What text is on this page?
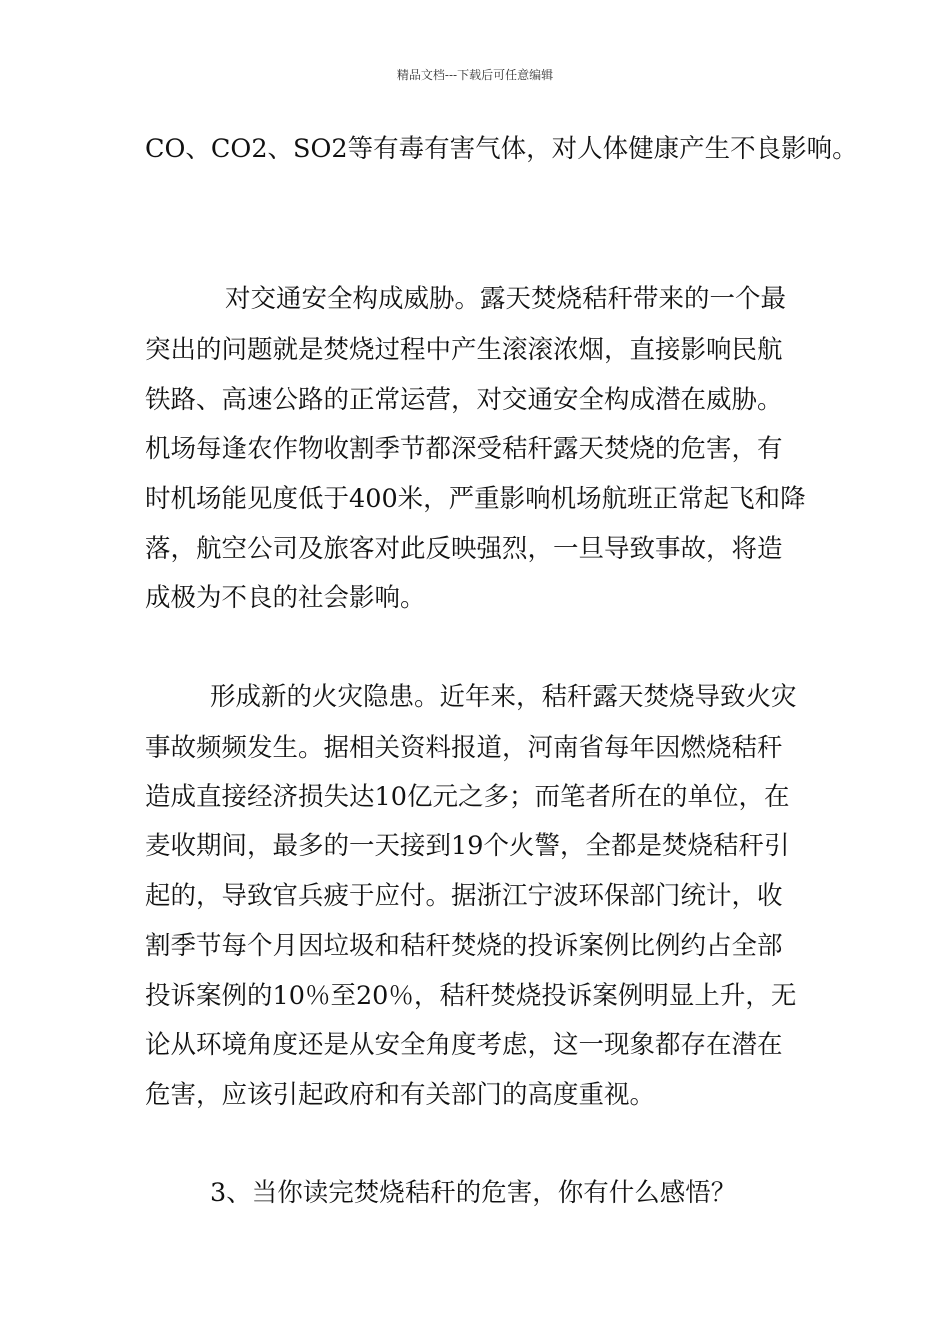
精品文档---下载后可任意编辑
CO、CO2、SO2等有毒有害气体，对人体健康产生不良影响。
对交通安全构成威胁。露天焚烧秸秆带来的一个最
突出的问题就是焚烧过程中产生滚滚浓烟，直接影响民航
铁路、高速公路的正常运营，对交通安全构成潜在威胁。
机场每逢农作物收割季节都深受秸秆露天焚烧的危害，有
时机场能见度低于400米，严重影响机场航班正常起飞和降
落，航空公司及旅客对此反映强烈，一旦导致事故，将造
成极为不良的社会影响。
形成新的火灾隐患。近年来，秸秆露天焚烧导致火灾
事故频频发生。据相关资料报道，河南省每年因燃烧秸秆
造成直接经济损失达10亿元之多；而笔者所在的单位，在
麦收期间，最多的一天接到19个火警，全都是焚烧秸秆引
起的，导致官兵疲于应付。据浙江宁波环保部门统计，收
割季节每个月因垃圾和秸秆焚烧的投诉案例比例约占全部
投诉案例的10％至20％，秸秆焚烧投诉案例明显上升，无
论从环境角度还是从安全角度考虑，这一现象都存在潜在
危害，应该引起政府和有关部门的高度重视。
3、当你读完焚烧秸秆的危害，你有什么感悟？
